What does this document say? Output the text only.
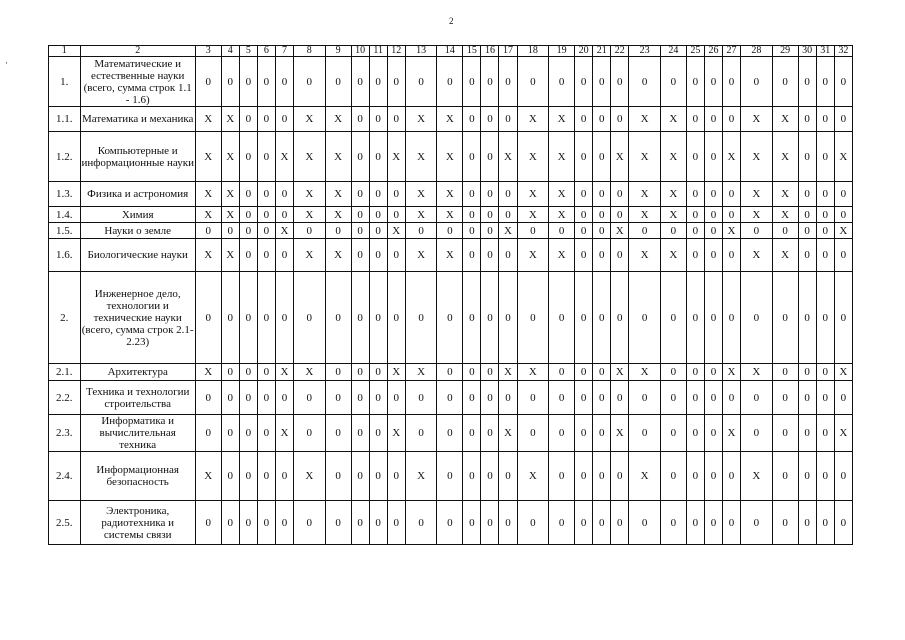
2
·
1	2	3	4	5	6	7	8	9	10	11	12	13	14	15	16	17	18	19	20	21	22	23	24	25	26	27	28	29	30	31	32
1.	Математические и естественные науки (всего, сумма строк 1.1 - 1.6)	0	0	0	0	0	0	0	0	0	0	0	0	0	0	0	0	0	0	0	0	0	0	0	0	0	0	0	0	0	0
1.1.	Математика и механика	X	X	0	0	0	X	X	0	0	0	X	X	0	0	0	X	X	0	0	0	X	X	0	0	0	X	X	0	0	0
1.2.	Компьютерные и информационные науки	X	X	0	0	X	X	X	0	0	X	X	X	0	0	X	X	X	0	0	X	X	X	0	0	X	X	X	0	0	X
1.3.	Физика и астрономия	X	X	0	0	0	X	X	0	0	0	X	X	0	0	0	X	X	0	0	0	X	X	0	0	0	X	X	0	0	0
1.4.	Химия	X	X	0	0	0	X	X	0	0	0	X	X	0	0	0	X	X	0	0	0	X	X	0	0	0	X	X	0	0	0
1.5.	Науки о земле	0	0	0	0	X	0	0	0	0	X	0	0	0	0	X	0	0	0	0	X	0	0	0	0	X	0	0	0	0	X
1.6.	Биологические науки	X	X	0	0	0	X	X	0	0	0	X	X	0	0	0	X	X	0	0	0	X	X	0	0	0	X	X	0	0	0
2.	Инженерное дело, технологии и технические науки (всего, сумма строк 2.1-2.23)	0	0	0	0	0	0	0	0	0	0	0	0	0	0	0	0	0	0	0	0	0	0	0	0	0	0	0	0	0	0
2.1.	Архитектура	X	0	0	0	X	X	0	0	0	X	X	0	0	0	X	X	0	0	0	X	X	0	0	0	X	X	0	0	0	X
2.2.	Техника и технологии строительства	0	0	0	0	0	0	0	0	0	0	0	0	0	0	0	0	0	0	0	0	0	0	0	0	0	0	0	0	0	0
2.3.	Информатика и вычислительная техника	0	0	0	0	X	0	0	0	0	X	0	0	0	0	X	0	0	0	0	X	0	0	0	0	X	0	0	0	0	X
2.4.	Информационная безопасность	X	0	0	0	0	X	0	0	0	0	X	0	0	0	0	X	0	0	0	0	X	0	0	0	0	X	0	0	0	0
2.5.	Электроника, радиотехника и системы связи	0	0	0	0	0	0	0	0	0	0	0	0	0	0	0	0	0	0	0	0	0	0	0	0	0	0	0	0	0	0
